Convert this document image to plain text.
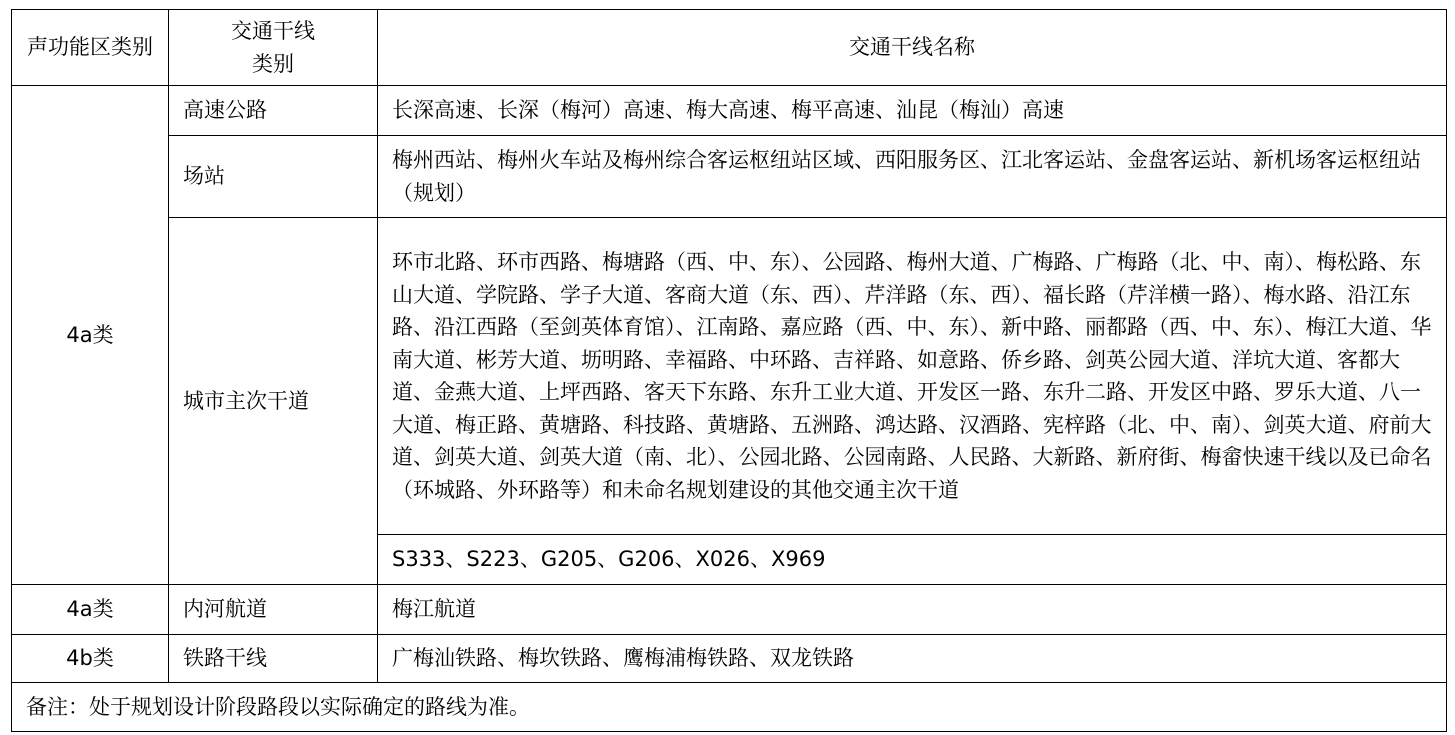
声功能区类别	交通干线类别	交通干线名称
4a类	高速公路	长深高速、长深（梅河）高速、梅大高速、梅平高速、汕昆（梅汕）高速
	场站	梅州西站、梅州火车站及梅州综合客运枢纽站区域、西阳服务区、江北客运站、金盘客运站、新机场客运枢纽站（规划）
	城市主次干道	环市北路、环市西路、梅塘路（西、中、东）、公园路、梅州大道、广梅路、广梅路（北、中、南）、梅松路、东山大道、学院路、学子大道、客商大道（东、西）、芹洋路（东、西）、福长路（芹洋横一路）、梅水路、沿江东路、沿江西路（至剑英体育馆）、江南路、嘉应路（西、中、东）、新中路、丽都路（西、中、东）、梅江大道、华南大道、彬芳大道、坜明路、幸福路、中环路、吉祥路、如意路、侨乡路、剑英公园大道、洋坑大道、客都大道、金燕大道、上坪西路、客天下东路、东升工业大道、开发区一路、东升二路、开发区中路、罗乐大道、八一大道、梅正路、黄塘路、科技路、黄塘路、五洲路、鸿达路、汉酒路、宪梓路（北、中、南）、剑英大道、府前大道、剑英大道、剑英大道（南、北）、公园北路、公园南路、人民路、大新路、新府街、梅畲快速干线以及已命名（环城路、外环路等）和未命名规划建设的其他交通主次干道
		S333、S223、G205、G206、X026、X969
4a类	内河航道	梅江航道
4b类	铁路干线	广梅汕铁路、梅坎铁路、鹰梅浦梅铁路、双龙铁路
备注：处于规划设计阶段路段以实际确定的路线为准。		
